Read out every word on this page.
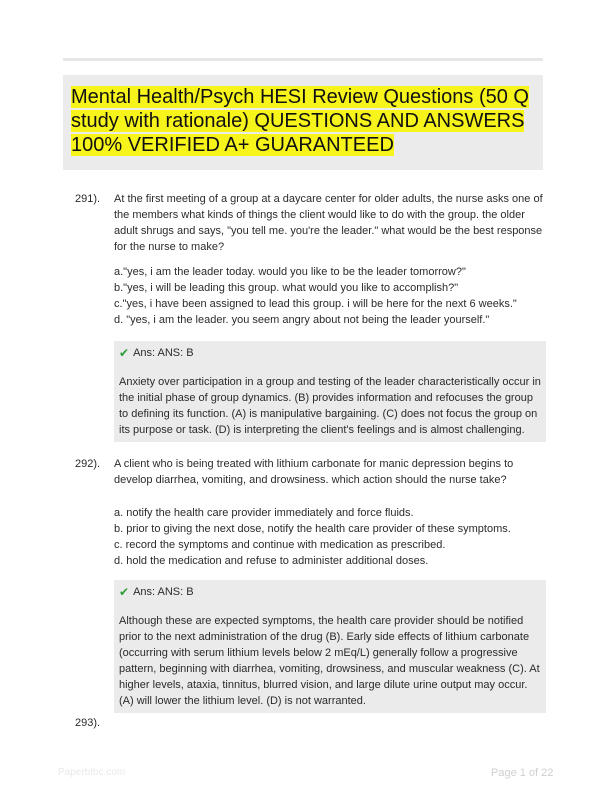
Mental Health/Psych HESI Review Questions (50 Q study with rationale) QUESTIONS AND ANSWERS 100% VERIFIED A+ GUARANTEED
291).	At the first meeting of a group at a daycare center for older adults, the nurse asks one of the members what kinds of things the client would like to do with the group. the older adult shrugs and says, "you tell me. you're the leader." what would be the best response for the nurse to make?

a."yes, i am the leader today. would you like to be the leader tomorrow?"
b."yes, i will be leading this group. what would you like to accomplish?"
c."yes, i have been assigned to lead this group. i will be here for the next 6 weeks."
d. "yes, i am the leader. you seem angry about not being the leader yourself."
✔ Ans: ANS: B

Anxiety over participation in a group and testing of the leader characteristically occur in the initial phase of group dynamics. (B) provides information and refocuses the group to defining its function. (A) is manipulative bargaining. (C) does not focus the group on its purpose or task. (D) is interpreting the client's feelings and is almost challenging.

292).	A client who is being treated with lithium carbonate for manic depression begins to develop diarrhea, vomiting, and drowsiness. which action should the nurse take?

a. notify the health care provider immediately and force fluids.
b. prior to giving the next dose, notify the health care provider of these symptoms.
c. record the symptoms and continue with medication as prescribed.
d. hold the medication and refuse to administer additional doses.
✔ Ans: ANS: B

Although these are expected symptoms, the health care provider should be notified prior to the next administration of the drug (B). Early side effects of lithium carbonate (occurring with serum lithium levels below 2 mEq/L) generally follow a progressive pattern, beginning with diarrhea, vomiting, drowsiness, and muscular weakness (C). At higher levels, ataxia, tinnitus, blurred vision, and large dilute urine output may occur. (A) will lower the lithium level. (D) is not warranted.

293).
Paperbtbc.com	Page 1 of 22
